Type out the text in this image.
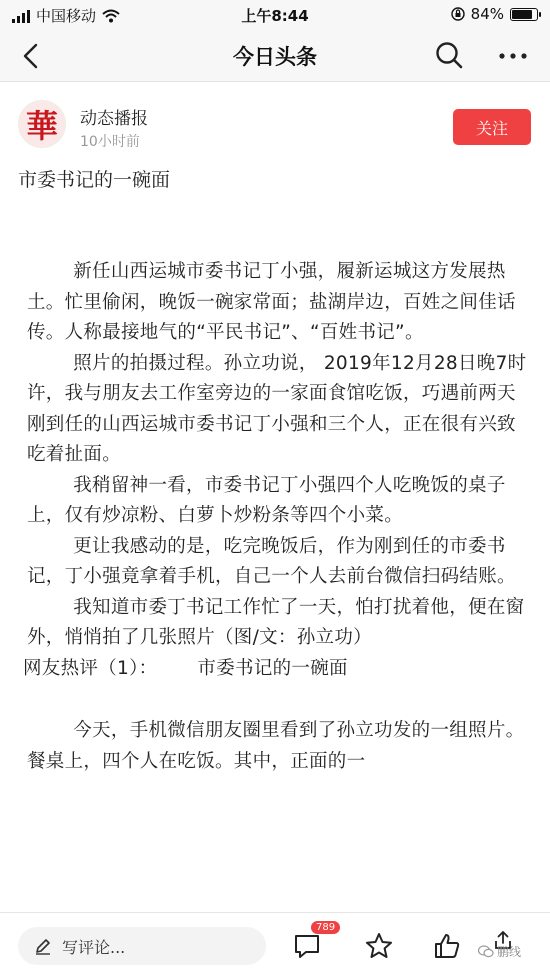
中国移动	上午8:44	84%
今日头条
華	动态播报
10小时前
关注
市委书记的一碗面

新任山西运城市委书记丁小强，履新运城这方发展热土。忙里偷闲，晚饭一碗家常面；盐湖岸边，百姓之间佳话传。人称最接地气的“平民书记”、“百姓书记”。

照片的拍摄过程。孙立功说， 2019年12月28日晚7时许，我与朋友去工作室旁边的一家面食馆吃饭，巧遇前两天刚到任的山西运城市委书记丁小强和三个人，正在很有兴致吃着扯面。

我稍留神一看，市委书记丁小强四个人吃晚饭的桌子上，仅有炒凉粉、白萝卜炒粉条等四个小菜。

更让我感动的是，吃完晚饭后，作为刚到任的市委书记，丁小强竟拿着手机，自己一个人去前台微信扫码结账。

我知道市委丁书记工作忙了一天，怕打扰着他，便在窗外，悄悄拍了几张照片（图/文：孙立功）

网友热评（1）： 市委书记的一碗面

今天，手机微信朋友圈里看到了孙立功发的一组照片。餐桌上，四个人在吃饭。其中，正面的一

写评论...
789
鹏线
